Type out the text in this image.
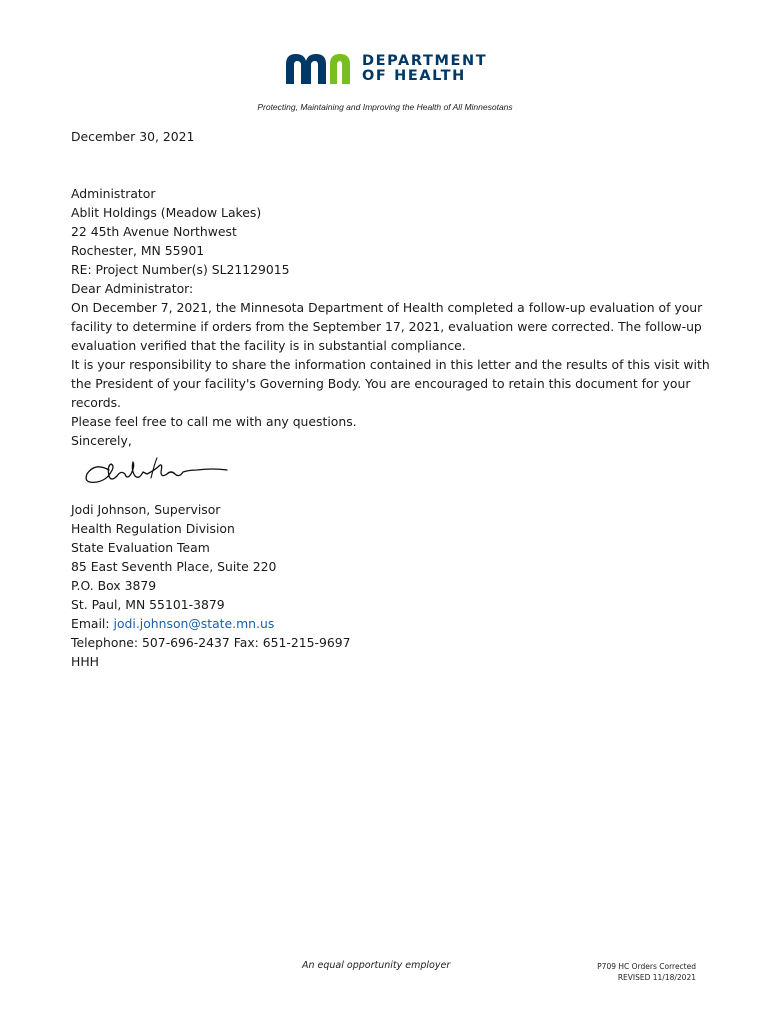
DEPARTMENT
OF HEALTH
Protecting, Maintaining and Improving the Health of All Minnesotans

December 30, 2021

Administrator
Ablit Holdings (Meadow Lakes)
22 45th Avenue Northwest
Rochester, MN 55901

RE: Project Number(s) SL21129015

Dear Administrator:

On December 7, 2021, the Minnesota Department of Health completed a follow-up evaluation of your facility to determine if orders from the September 17, 2021, evaluation were corrected. The follow-up evaluation verified that the facility is in substantial compliance.

It is your responsibility to share the information contained in this letter and the results of this visit with the President of your facility's Governing Body. You are encouraged to retain this document for your records.

Please feel free to call me with any questions.

Sincerely,

Jodi Johnson, Supervisor
Health Regulation Division
State Evaluation Team
85 East Seventh Place, Suite 220
P.O. Box 3879
St. Paul, MN 55101-3879
Email: jodi.johnson@state.mn.us
Telephone: 507-696-2437 Fax: 651-215-9697

HHH

An equal opportunity employer	P709 HC Orders Corrected
REVISED 11/18/2021
